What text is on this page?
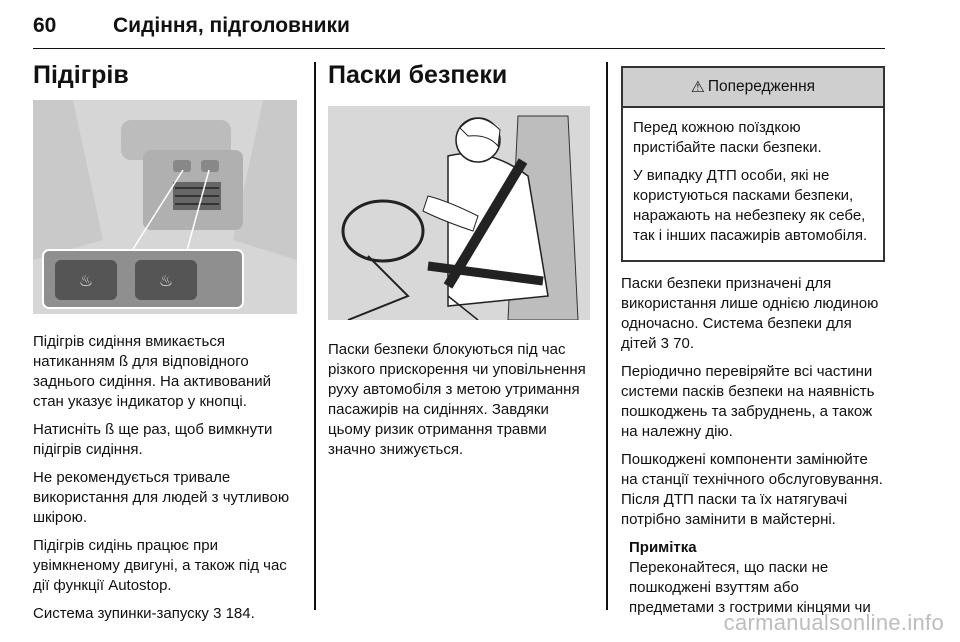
60	Сидіння, підголовники
Підігрів
♨	♨

Підігрів сидіння вмикається натиканням ß для відповідного заднього сидіння. На активований стан указує індикатор у кнопці.

Натисніть ß ще раз, щоб вимкнути підігрів сидіння.

Не рекомендується тривале використання для людей з чутливою шкірою.

Підігрів сидінь працює при увімкненому двигуні, а також під час дії функції Autostop.

Система зупинки-запуску 3 184.

Паски безпеки

Паски безпеки блокуються під час різкого прискорення чи уповільнення руху автомобіля з метою утримання пасажирів на сидіннях. Завдяки цьому ризик отримання травми значно знижується.

⚠ Попередження

Перед кожною поїздкою пристібайте паски безпеки.

У випадку ДТП особи, які не користуються пасками безпеки, наражають на небезпеку як себе, так і інших пасажирів автомобіля.

Паски безпеки призначені для використання лише однією людиною одночасно. Система безпеки для дітей 3 70.

Періодично перевіряйте всі частини системи пасків безпеки на наявність пошкоджень та забруднень, а також на належну дію.

Пошкоджені компоненти замінюйте на станції технічного обслуговування. Після ДТП паски та їх натягувачі потрібно замінити в майстерні.

Примітка

Переконайтеся, що паски не пошкоджені взуттям або предметами з гострими кінцями чи

carmanualsonline.info
